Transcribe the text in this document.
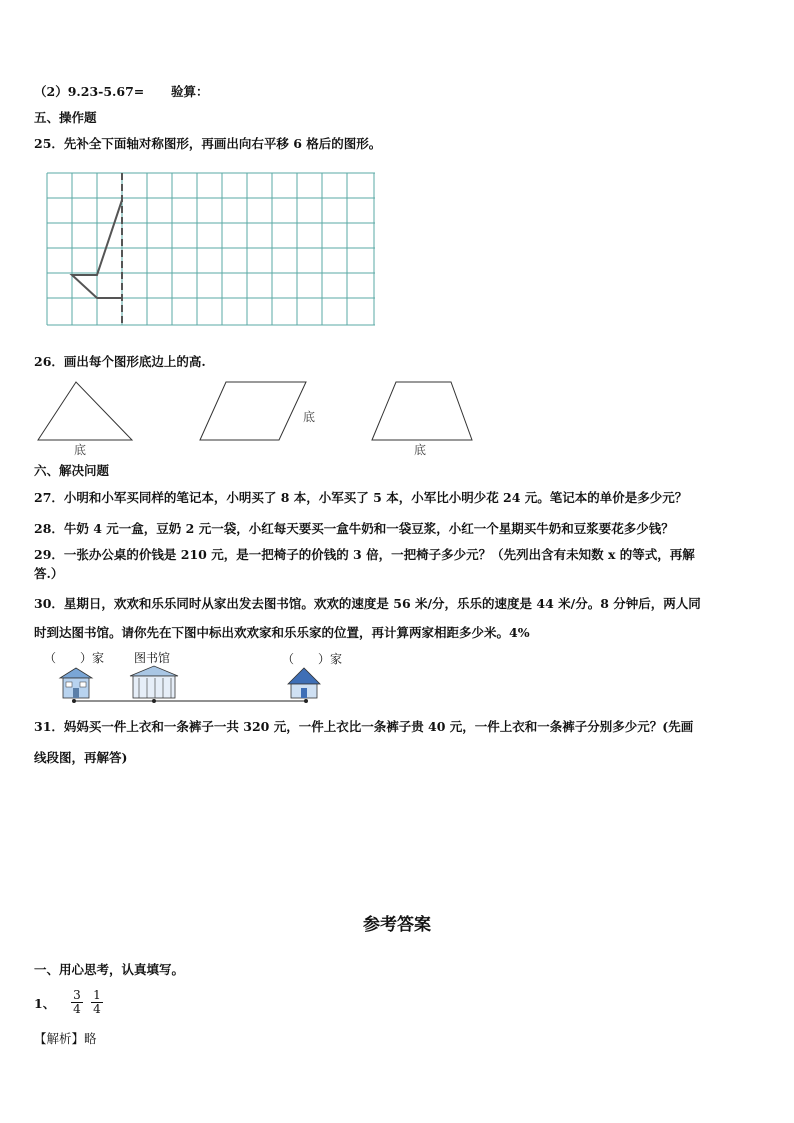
（2）9.23-5.67= 验算：
五、操作题
25．先补全下面轴对称图形，再画出向右平移 6 格后的图形。
26．画出每个图形底边上的高.
底
底
底
六、解决问题
27．小明和小军买同样的笔记本，小明买了 8 本，小军买了 5 本，小军比小明少花 24 元。笔记本的单价是多少元？
28．牛奶 4 元一盒，豆奶 2 元一袋，小红每天要买一盒牛奶和一袋豆浆，小红一个星期买牛奶和豆浆要花多少钱？
29．一张办公桌的价钱是 210 元，是一把椅子的价钱的 3 倍，一把椅子多少元？（先列出含有未知数 x 的等式，再解
答.）
30．星期日，欢欢和乐乐同时从家出发去图书馆。欢欢的速度是 56 米/分，乐乐的速度是 44 米/分。8 分钟后，两人同
时到达图书馆。请你先在下图中标出欢欢家和乐乐家的位置，再计算两家相距多少米。4%
（　　）家 图书馆	（　　）家
31．妈妈买一件上衣和一条裤子一共 320 元，一件上衣比一条裤子贵 40 元，一件上衣和一条裤子分别多少元？(先画
线段图，再解答)
参考答案
一、用心思考，认真填写。
1、 $\frac{3}{4} \frac{1}{4}$
【解析】略
